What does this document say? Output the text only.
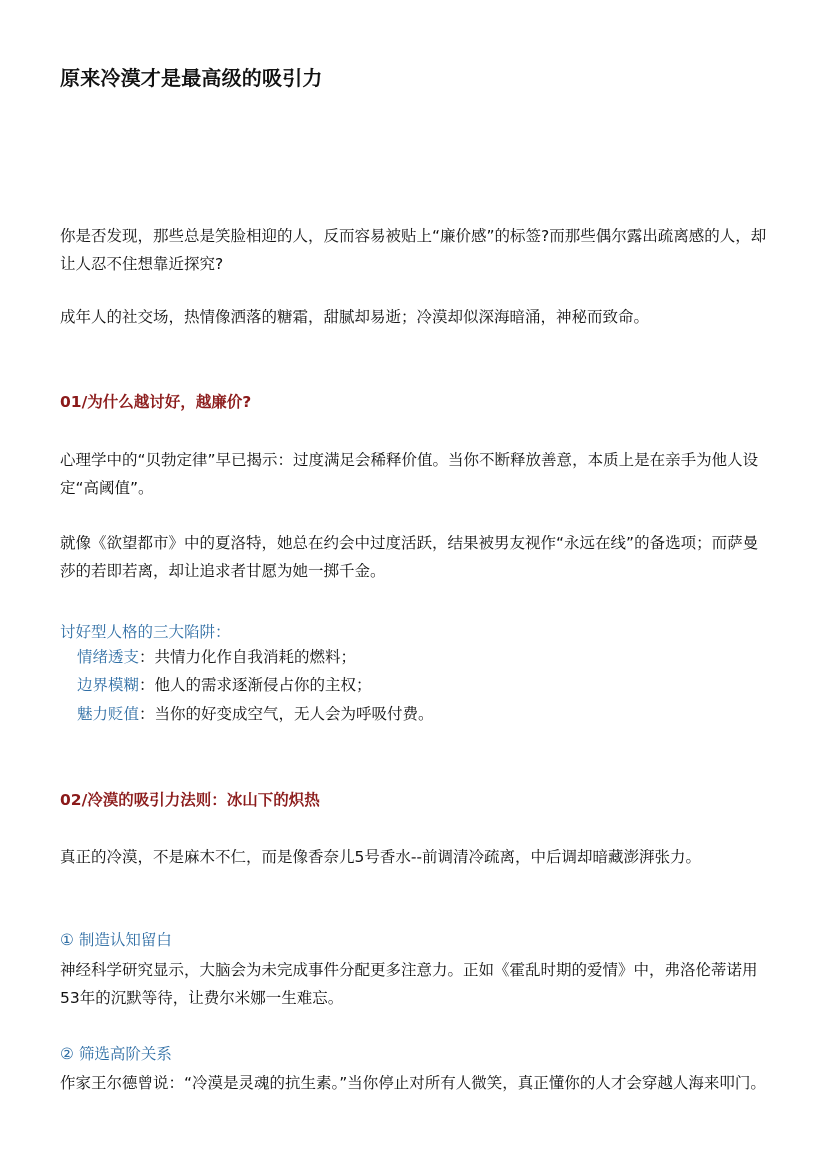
原来冷漠才是最高级的吸引力

你是否发现，那些总是笑脸相迎的人，反而容易被贴上“廉价感”的标签?而那些偶尔露出疏离感的人，却让人忍不住想靠近探究?

成年人的社交场，热情像洒落的糖霜，甜腻却易逝；冷漠却似深海暗涌，神秘而致命。

01/为什么越讨好，越廉价?

心理学中的“贝勃定律”早已揭示：过度满足会稀释价值。当你不断释放善意，本质上是在亲手为他人设定“高阈值”。

就像《欲望都市》中的夏洛特，她总在约会中过度活跃，结果被男友视作“永远在线”的备选项；而萨曼莎的若即若离，却让追求者甘愿为她一掷千金。

讨好型人格的三大陷阱：
情绪透支：共情力化作自我消耗的燃料；
边界模糊：他人的需求逐渐侵占你的主权；
魅力贬值：当你的好变成空气，无人会为呼吸付费。
02/冷漠的吸引力法则：冰山下的炽热

真正的冷漠，不是麻木不仁，而是像香奈儿5号香水--前调清冷疏离，中后调却暗藏澎湃张力。

① 制造认知留白

神经科学研究显示，大脑会为未完成事件分配更多注意力。正如《霍乱时期的爱情》中，弗洛伦蒂诺用53年的沉默等待，让费尔米娜一生难忘。

② 筛选高阶关系

作家王尔德曾说：“冷漠是灵魂的抗生素。”当你停止对所有人微笑，真正懂你的人才会穿越人海来叩门。
